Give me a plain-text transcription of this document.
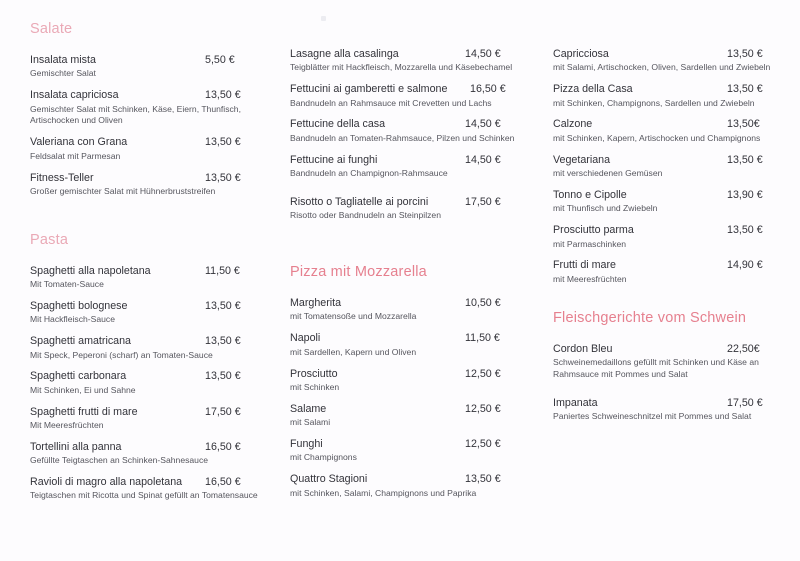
Salate
Insalata mista	5,50 €
Gemischter Salat
Insalata capriciosa	13,50 €
Gemischter Salat mit Schinken, Käse, Eiern, Thunfisch, Artischocken und Oliven
Valeriana con Grana	13,50 €
Feldsalat mit Parmesan
Fitness-Teller	13,50 €
Großer gemischter Salat mit Hühnerbruststreifen
Pasta
Spaghetti alla napoletana	11,50 €
Mit Tomaten-Sauce
Spaghetti bolognese	13,50 €
Mit Hackfleisch-Sauce
Spaghetti amatricana	13,50 €
Mit Speck, Peperoni (scharf) an Tomaten-Sauce
Spaghetti carbonara	13,50 €
Mit Schinken, Ei und Sahne
Spaghetti frutti di mare	17,50 €
Mit Meeresfrüchten
Tortellini alla panna	16,50 €
Gefüllte Teigtaschen an Schinken-Sahnesauce
Ravioli di magro alla napoletana 16,50 €
Teigtaschen mit Ricotta und Spinat gefüllt an Tomatensauce
Lasagne alla casalinga	14,50 €
Teigblätter mit Hackfleisch, Mozzarella und Käsebechamel
Fettucini ai gamberetti e salmone 16,50 €
Bandnudeln an Rahmsauce mit Crevetten und Lachs
Fettucine della casa	14,50 €
Bandnudeln an Tomaten-Rahmsauce, Pilzen und Schinken
Fettucine ai funghi	14,50 €
Bandnudeln an Champignon-Rahmsauce
Risotto o Tagliatelle ai porcini	17,50 €
Risotto oder Bandnudeln an Steinpilzen
Pizza mit Mozzarella
Margherita	10,50 €
mit Tomatensoße und Mozzarella
Napoli	11,50 €
mit Sardellen, Kapern und Oliven
Prosciutto	12,50 €
mit Schinken
Salame	12,50 €
mit Salami
Funghi	12,50 €
mit Champignons
Quattro Stagioni	13,50 €
mit Schinken, Salami, Champignons und Paprika
Capricciosa	13,50 €
mit Salami, Artischocken, Oliven, Sardellen und Zwiebeln
Pizza della Casa	13,50 €
mit Schinken, Champignons, Sardellen und Zwiebeln
Calzone	13,50€
mit Schinken, Kapern, Artischocken und Champignons
Vegetariana	13,50 €
mit verschiedenen Gemüsen
Tonno e Cipolle	13,90 €
mit Thunfisch und Zwiebeln
Prosciutto parma	13,50 €
mit Parmaschinken
Frutti di mare	14,90 €
mit Meeresfrüchten
Fleischgerichte vom Schwein
Cordon Bleu	22,50€
Schweinemedaillons gefüllt mit Schinken und Käse an Rahmsauce mit Pommes und Salat
Impanata	17,50 €
Paniertes Schweineschnitzel mit Pommes und Salat
